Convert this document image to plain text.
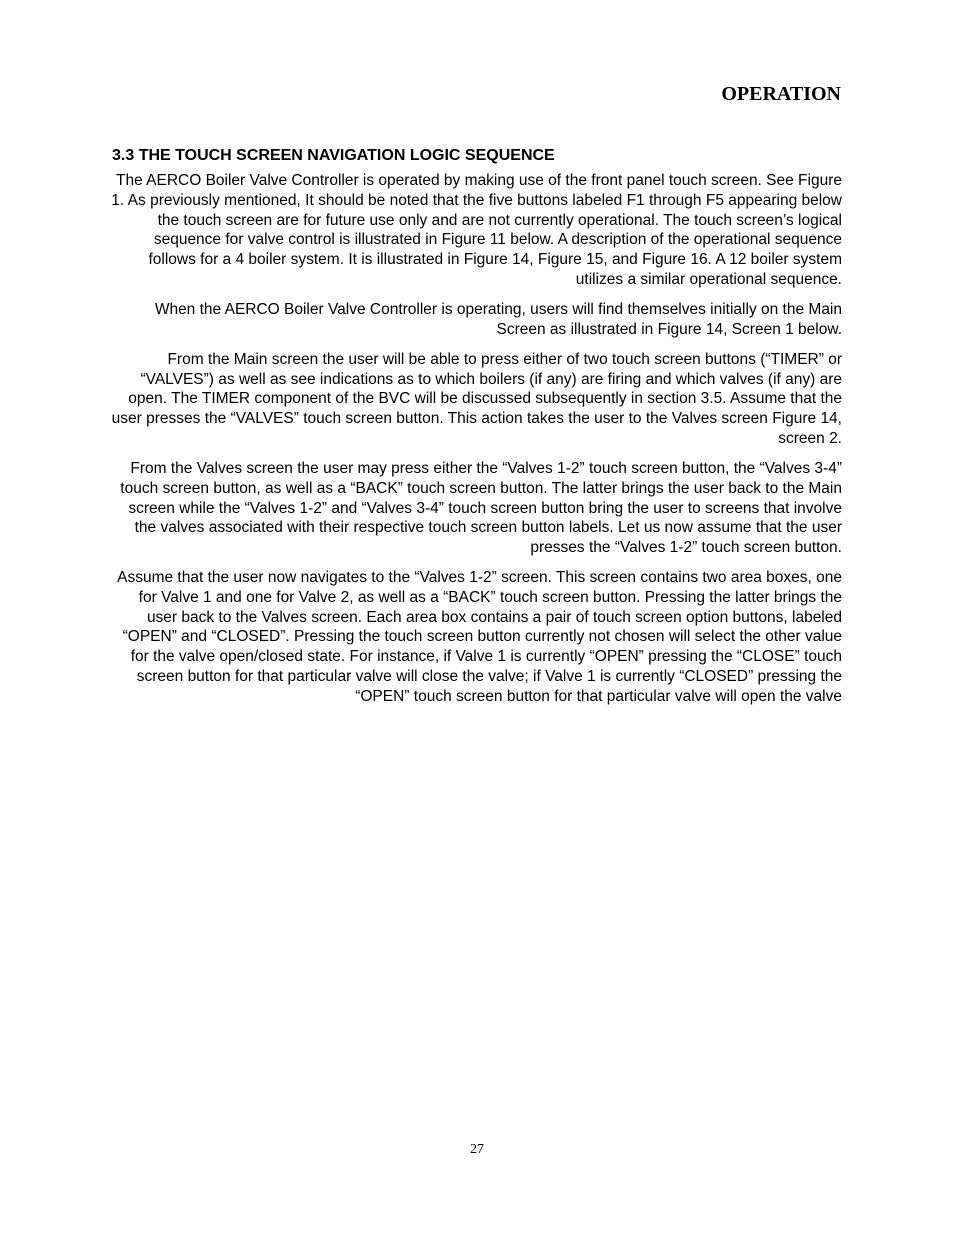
OPERATION
3.3 THE TOUCH SCREEN NAVIGATION LOGIC SEQUENCE

The AERCO Boiler Valve Controller is operated by making use of the front panel touch screen. See Figure 1. As previously mentioned, It should be noted that the five buttons labeled F1 through F5 appearing below the touch screen are for future use only and are not currently operational. The touch screen’s logical sequence for valve control is illustrated in Figure 11 below. A description of the operational sequence follows for a 4 boiler system. It is illustrated in Figure 14, Figure 15, and Figure 16. A 12 boiler system utilizes a similar operational sequence.

When the AERCO Boiler Valve Controller is operating, users will find themselves initially on the Main Screen as illustrated in Figure 14, Screen 1 below.

From the Main screen the user will be able to press either of two touch screen buttons (“TIMER” or “VALVES”) as well as see indications as to which boilers (if any) are firing and which valves (if any) are open. The TIMER component of the BVC will be discussed subsequently in section 3.5. Assume that the user presses the “VALVES” touch screen button. This action takes the user to the Valves screen Figure 14, screen 2.

From the Valves screen the user may press either the “Valves 1-2” touch screen button, the “Valves 3-4” touch screen button, as well as a “BACK” touch screen button. The latter brings the user back to the Main screen while the “Valves 1-2” and “Valves 3-4” touch screen button bring the user to screens that involve the valves associated with their respective touch screen button labels. Let us now assume that the user presses the “Valves 1-2” touch screen button.

Assume that the user now navigates to the “Valves 1-2” screen. This screen contains two area boxes, one for Valve 1 and one for Valve 2, as well as a “BACK” touch screen button. Pressing the latter brings the user back to the Valves screen. Each area box contains a pair of touch screen option buttons, labeled “OPEN” and “CLOSED”. Pressing the touch screen button currently not chosen will select the other value for the valve open/closed state. For instance, if Valve 1 is currently “OPEN” pressing the “CLOSE” touch screen button for that particular valve will close the valve; if Valve 1 is currently “CLOSED” pressing the “OPEN” touch screen button for that particular valve will open the valve

27
